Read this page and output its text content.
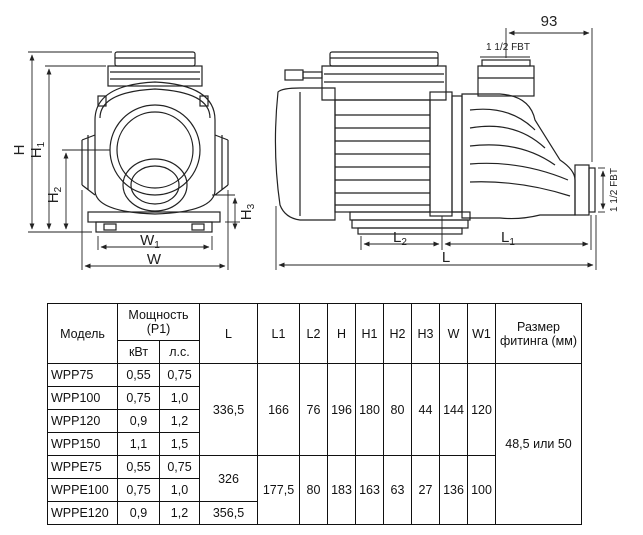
H $H_1$
$H_2$
$H_3$
$W_1$
W
93
1 1/2 FBT
1 1/2 FBT
$L_2$	$L_1$
L
Модель	Мощность (P1)		L	L1	L2	H	H1	H2	H3	W	W1	Размер фитинга (мм)
	кВт	л.с.										
WPP75	0,55	0,75	336,5	166	76	196	180	80	44	144	120	48,5 или 50
WPP100	0,75	1,0										
WPP120	0,9	1,2										
WPP150	1,1	1,5										
WPPE75	0,55	0,75	326	177,5	80	183	163	63	27	136	100	
WPPE100	0,75	1,0										
WPPE120	0,9	1,2	356,5									
